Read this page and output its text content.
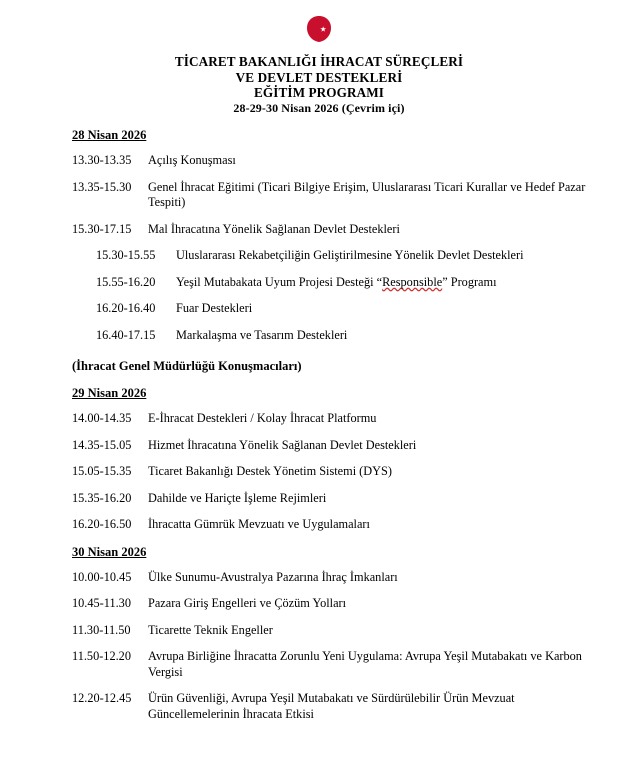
TİCARET BAKANLIĞI İHRACAT SÜREÇLERİ
VE DEVLET DESTEKLERİ
EĞİTİM PROGRAMI
28-29-30 Nisan 2026 (Çevrim içi)
28 Nisan 2026
13.30-13.35	Açılış Konuşması
13.35-15.30	Genel İhracat Eğitimi (Ticari Bilgiye Erişim, Uluslararası Ticari Kurallar ve Hedef Pazar Tespiti)
15.30-17.15	Mal İhracatına Yönelik Sağlanan Devlet Destekleri
15.30-15.55	Uluslararası Rekabetçiliğin Geliştirilmesine Yönelik Devlet Destekleri
15.55-16.20	Yeşil Mutabakata Uyum Projesi Desteği “Responsible” Programı
16.20-16.40	Fuar Destekleri
16.40-17.15	Markalaşma ve Tasarım Destekleri
(İhracat Genel Müdürlüğü Konuşmacıları)
29 Nisan 2026
14.00-14.35	E-İhracat Destekleri / Kolay İhracat Platformu
14.35-15.05	Hizmet İhracatına Yönelik Sağlanan Devlet Destekleri
15.05-15.35	Ticaret Bakanlığı Destek Yönetim Sistemi (DYS)
15.35-16.20	Dahilde ve Hariçte İşleme Rejimleri
16.20-16.50	İhracatta Gümrük Mevzuatı ve Uygulamaları
30 Nisan 2026
10.00-10.45	Ülke Sunumu-Avustralya Pazarına İhraç İmkanları
10.45-11.30	Pazara Giriş Engelleri ve Çözüm Yolları
11.30-11.50	Ticarette Teknik Engeller
11.50-12.20	Avrupa Birliğine İhracatta Zorunlu Yeni Uygulama: Avrupa Yeşil Mutabakatı ve Karbon Vergisi
12.20-12.45	Ürün Güvenliği, Avrupa Yeşil Mutabakatı ve Sürdürülebilir Ürün Mevzuat Güncellemelerinin İhracata Etkisi
